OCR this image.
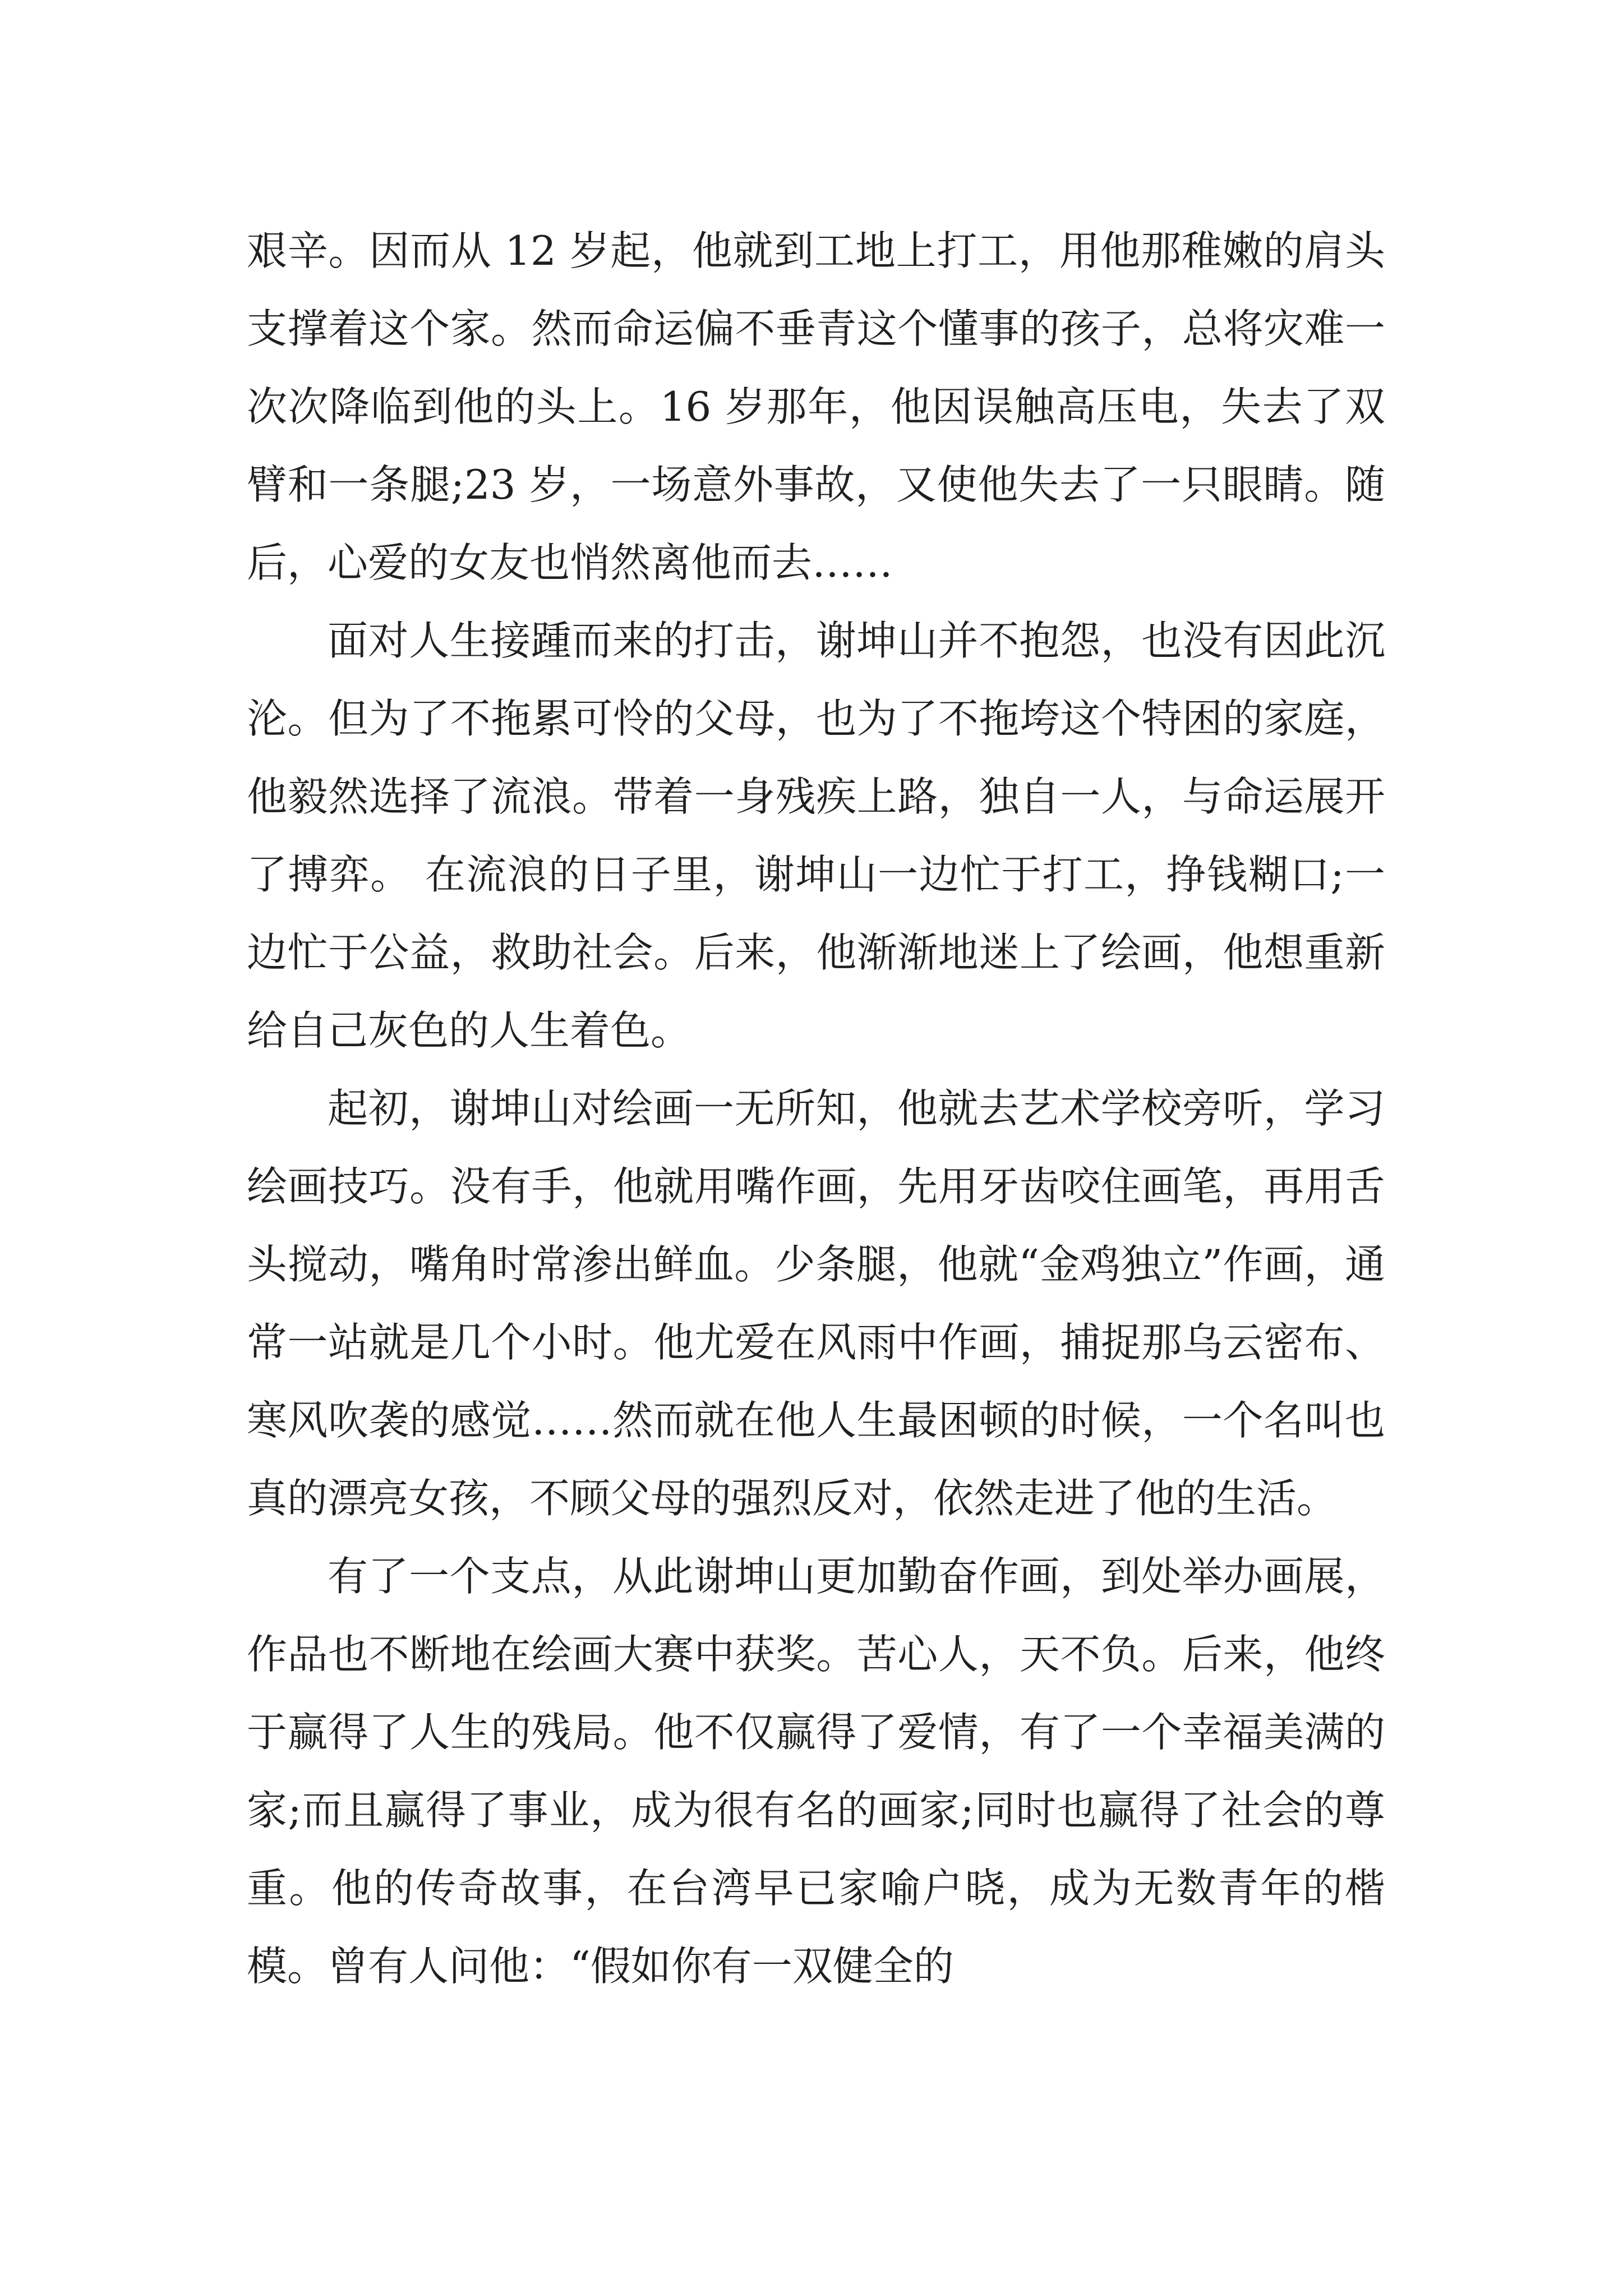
艰辛。因而从 12 岁起，他就到工地上打工，用他那稚嫩的肩头支撑着这个家。然而命运偏不垂青这个懂事的孩子，总将灾难一次次降临到他的头上。16 岁那年，他因误触高压电，失去了双臂和一条腿;23 岁，一场意外事故，又使他失去了一只眼睛。随后，心爱的女友也悄然离他而去……

面对人生接踵而来的打击，谢坤山并不抱怨，也没有因此沉沦。但为了不拖累可怜的父母，也为了不拖垮这个特困的家庭，他毅然选择了流浪。带着一身残疾上路，独自一人，与命运展开了搏弈。 在流浪的日子里，谢坤山一边忙于打工，挣钱糊口;一边忙于公益，救助社会。后来，他渐渐地迷上了绘画，他想重新给自己灰色的人生着色。

起初，谢坤山对绘画一无所知，他就去艺术学校旁听，学习绘画技巧。没有手，他就用嘴作画，先用牙齿咬住画笔，再用舌头搅动，嘴角时常渗出鲜血。少条腿，他就“金鸡独立”作画，通常一站就是几个小时。他尤爱在风雨中作画，捕捉那乌云密布、寒风吹袭的感觉……然而就在他人生最困顿的时候，一个名叫也真的漂亮女孩，不顾父母的强烈反对，依然走进了他的生活。

有了一个支点，从此谢坤山更加勤奋作画，到处举办画展，作品也不断地在绘画大赛中获奖。苦心人，天不负。后来，他终于赢得了人生的残局。他不仅赢得了爱情，有了一个幸福美满的家;而且赢得了事业，成为很有名的画家;同时也赢得了社会的尊重。他的传奇故事，在台湾早已家喻户晓，成为无数青年的楷模。曾有人问他：“假如你有一双健全的
